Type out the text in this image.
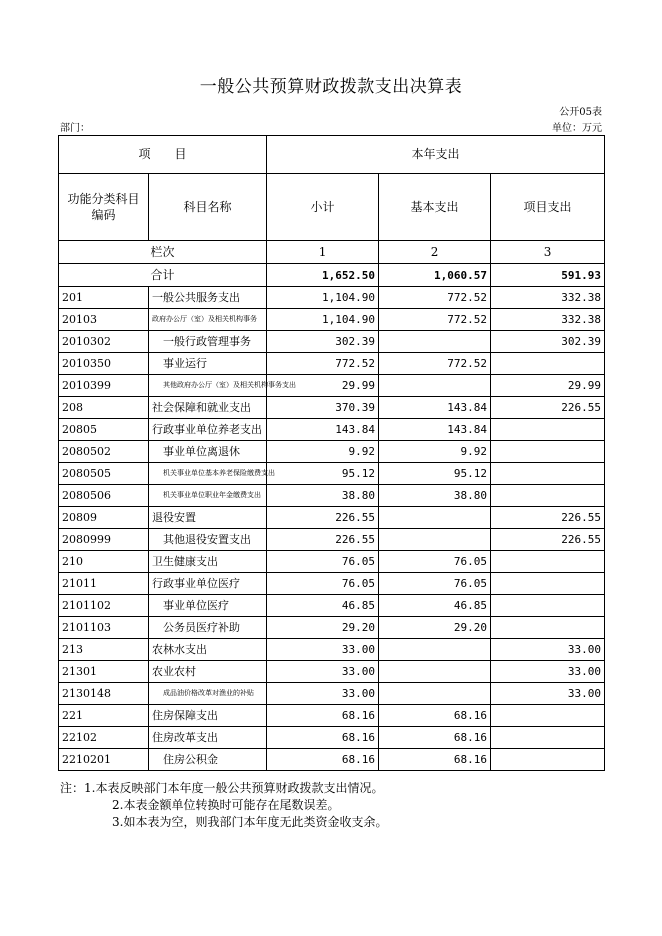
一般公共预算财政拨款支出决算表
公开05表
部门：	单位：万元
项　　目		本年支出		
功能分类科目编码	科目名称	小计	基本支出	项目支出
栏次		1	2	3
合计		1,652.50	1,060.57	591.93
201	一般公共服务支出	1,104.90	772.52	332.38
20103	政府办公厅（室）及相关机构事务	1,104.90	772.52	332.38
2010302	一般行政管理事务	302.39		302.39
2010350	事业运行	772.52	772.52	
2010399	其他政府办公厅（室）及相关机构事务支出	29.99		29.99
208	社会保障和就业支出	370.39	143.84	226.55
20805	行政事业单位养老支出	143.84	143.84	
2080502	事业单位离退休	9.92	9.92	
2080505	机关事业单位基本养老保险缴费支出	95.12	95.12	
2080506	机关事业单位职业年金缴费支出	38.80	38.80	
20809	退役安置	226.55		226.55
2080999	其他退役安置支出	226.55		226.55
210	卫生健康支出	76.05	76.05	
21011	行政事业单位医疗	76.05	76.05	
2101102	事业单位医疗	46.85	46.85	
2101103	公务员医疗补助	29.20	29.20	
213	农林水支出	33.00		33.00
21301	农业农村	33.00		33.00
2130148	成品油价格改革对渔业的补贴	33.00		33.00
221	住房保障支出	68.16	68.16	
22102	住房改革支出	68.16	68.16	
2210201	住房公积金	68.16	68.16	
注：1.本表反映部门本年度一般公共预算财政拨款支出情况。
2.本表金额单位转换时可能存在尾数误差。
3.如本表为空，则我部门本年度无此类资金收支余。
